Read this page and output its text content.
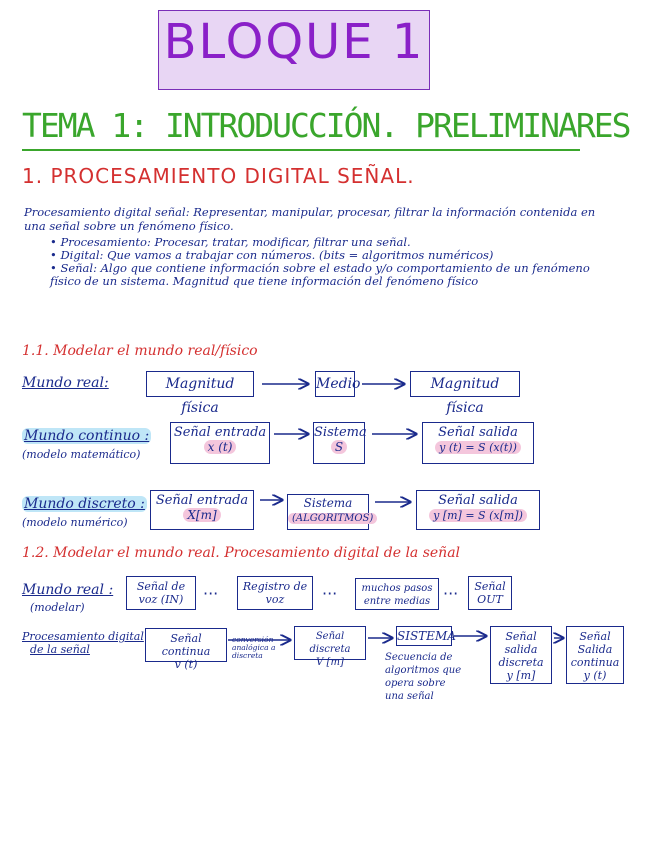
BLOQUE 1
TEMA 1: INTRODUCCIÓN. PRELIMINARES
1. PROCESAMIENTO DIGITAL SEÑAL.
Procesamiento digital señal: Representar, manipular, procesar, filtrar la información contenida en una señal sobre un fenómeno físico.
• Procesamiento: Procesar, tratar, modificar, filtrar una señal.
• Digital: Que vamos a trabajar con números. (bits = algoritmos numéricos)
• Señal: Algo que contiene información sobre el estado y/o comportamiento de un fenómeno físico de un sistema. Magnitud que tiene información del fenómeno físico
1.1. Modelar el mundo real/físico
Mundo real:	Magnitud física
Medio	Magnitud física
Mundo continuo :
(modelo matemático)
Señal entrada
x (t)
Sistema
S
Señal salida
y (t) = S (x(t))
Mundo discreto :
(modelo numérico)
Señal entrada
X[m]
Sistema
(ALGORITMOS)
Señal salida
y [m] = S (x[m])
1.2. Modelar el mundo real. Procesamiento digital de la señal
Mundo real :
(modelar)
Señal de
voz (IN)	···	Registro de
voz	···	muchos pasos
entre medias ···	Señal
OUT
Procesamiento digital
de la señal
Señal continua
v (t)
conversión analógica a discreta
Señal discreta
V [m]
SISTEMA
Secuencia de algoritmos que opera sobre una señal
Señal salida
discreta
y [m]
Señal Salida
continua
y (t)
